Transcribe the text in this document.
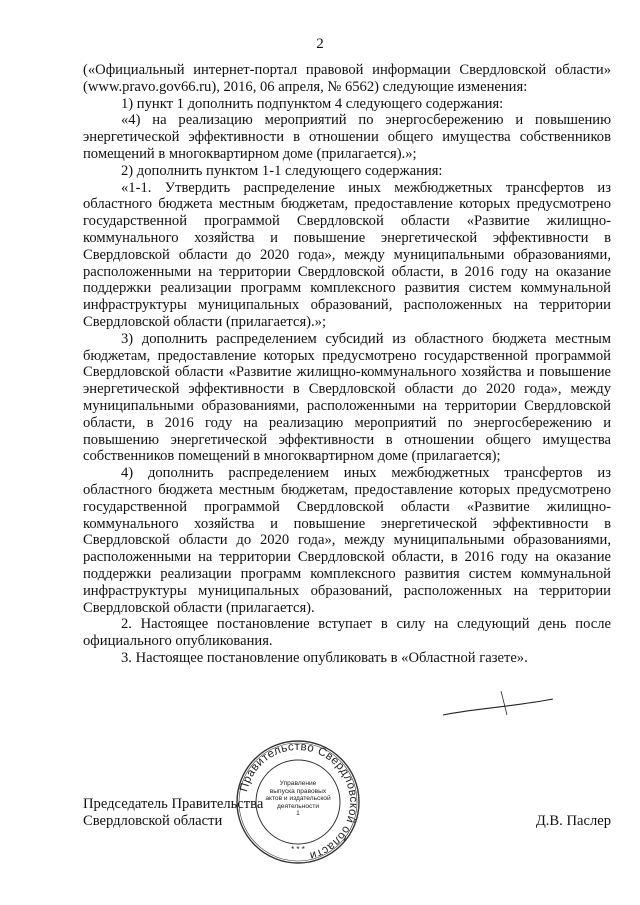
2

(«Официальный интернет-портал правовой информации Свердловской области» (www.pravo.gov66.ru), 2016, 06 апреля, № 6562) следующие изменения:

1) пункт 1 дополнить подпунктом 4 следующего содержания:

«4) на реализацию мероприятий по энергосбережению и повышению энергетической эффективности в отношении общего имущества собственников помещений в многоквартирном доме (прилагается).»;

2) дополнить пунктом 1-1 следующего содержания:

«1-1. Утвердить распределение иных межбюджетных трансфертов из областного бюджета местным бюджетам, предоставление которых предусмотрено государственной программой Свердловской области «Развитие жилищно-коммунального хозяйства и повышение энергетической эффективности в Свердловской области до 2020 года», между муниципальными образованиями, расположенными на территории Свердловской области, в 2016 году на оказание поддержки реализации программ комплексного развития систем коммунальной инфраструктуры муниципальных образований, расположенных на территории Свердловской области (прилагается).»;

3) дополнить распределением субсидий из областного бюджета местным бюджетам, предоставление которых предусмотрено государственной программой Свердловской области «Развитие жилищно-коммунального хозяйства и повышение энергетической эффективности в Свердловской области до 2020 года», между муниципальными образованиями, расположенными на территории Свердловской области, в 2016 году на реализацию мероприятий по энергосбережению и повышению энергетической эффективности в отношении общего имущества собственников помещений в многоквартирном доме (прилагается);

4) дополнить распределением иных межбюджетных трансфертов из областного бюджета местным бюджетам, предоставление которых предусмотрено государственной программой Свердловской области «Развитие жилищно-коммунального хозяйства и повышение энергетической эффективности в Свердловской области до 2020 года», между муниципальными образованиями, расположенными на территории Свердловской области, в 2016 году на оказание поддержки реализации программ комплексного развития систем коммунальной инфраструктуры муниципальных образований, расположенных на территории Свердловской области (прилагается).

2. Настоящее постановление вступает в силу на следующий день после официального опубликования.

3. Настоящее постановление опубликовать в «Областной газете».

Председатель Правительства
Свердловской области	Д.В. Паслер
Правительство Свердловской области
* * *
Управление
выпуска правовых
актов и издательской
деятельности
1
